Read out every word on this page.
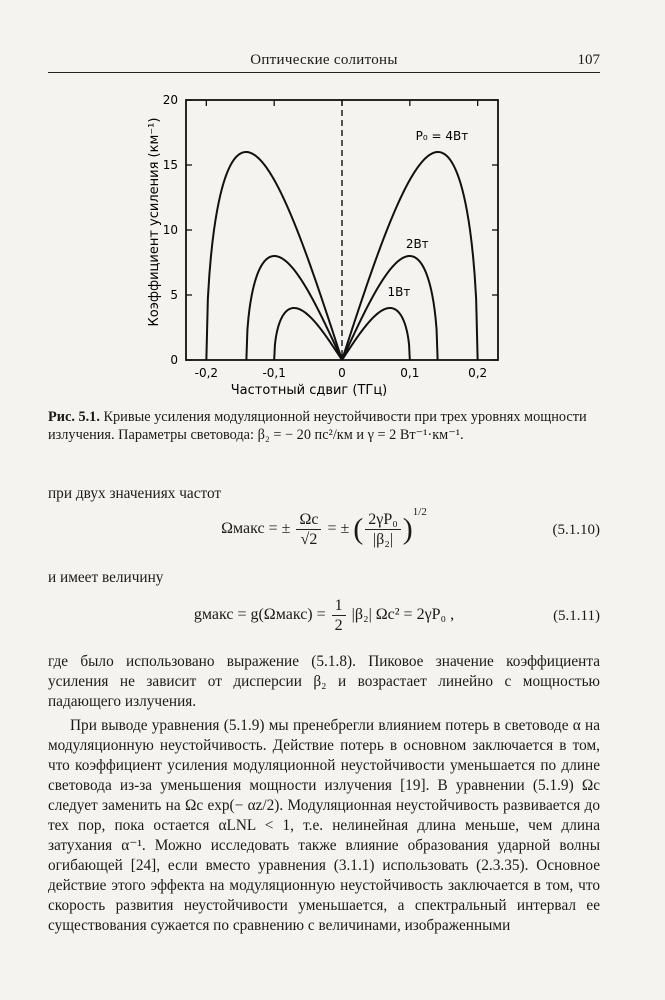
Оптические солитоны	107
-0,2	-0,1	0	0,1	0,2
0
5
10
15
20
P₀ = 4Вт
2Вт
1Вт
Коэффициент усиления (км⁻¹)
Частотный сдвиг (ТГц)
Рис. 5.1. Кривые усиления модуляционной неустойчивости при трех уровнях мощности излучения. Параметры световода: β₂ = − 20 пс²/км и γ = 2 Вт⁻¹·км⁻¹.
при двух значениях частот
Ωмакс = ± $\frac{\Omega c}{√2}$ = ± ( $\frac{\text{2γP₀}}{\text{|β₂|}} )^{1/2}$
(5.1.10)
и имеет величину
gмакс = g(Ωмакс) = $\frac{1}{2} |\beta_2|$ Ωc² = 2γP₀ ,	(5.1.11)
где было использовано выражение (5.1.8). Пиковое значение коэффициента усиления не зависит от дисперсии β₂ и возрастает линейно с мощностью падающего излучения.
При выводе уравнения (5.1.9) мы пренебрегли влиянием потерь в световоде α на модуляционную неустойчивость. Действие потерь в основном заключается в том, что коэффициент усиления модуляционной неустойчивости уменьшается по длине световода из-за уменьшения мощности излучения [19]. В уравнении (5.1.9) Ωc следует заменить на Ωc exp(− αz/2). Модуляционная неустойчивость развивается до тех пор, пока остается αLNL < 1, т.е. нелинейная длина меньше, чем длина затухания α⁻¹. Можно исследовать также влияние образования ударной волны огибающей [24], если вместо уравнения (3.1.1) использовать (2.3.35). Основное действие этого эффекта на модуляционную неустойчивость заключается в том, что скорость развития неустойчивости уменьшается, а спектральный интервал ее существования сужается по сравнению с величинами, изображенными
